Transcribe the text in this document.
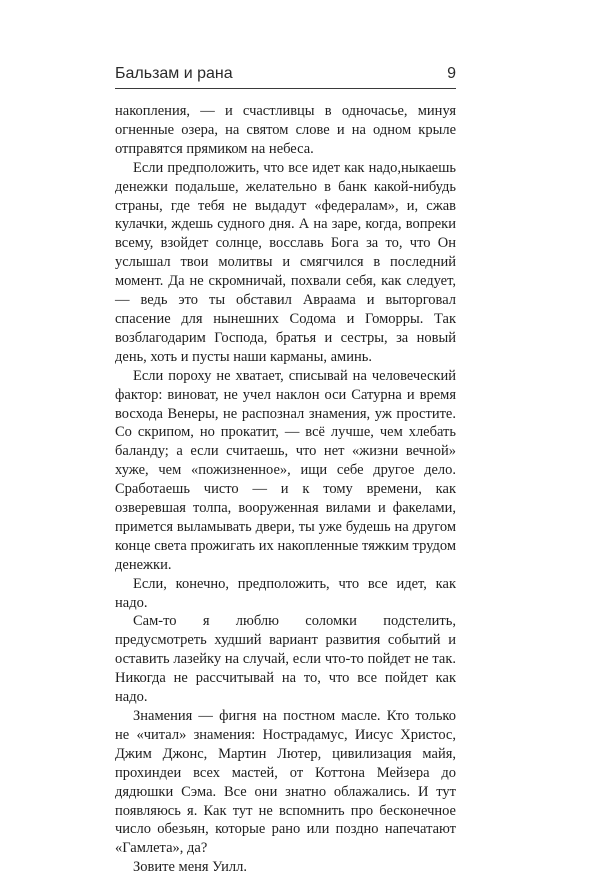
Бальзам и рана	9

накопления, — и счастливцы в одночасье, минуя огненные озера, на святом слове и на одном крыле отправятся прямиком на небеса.

Если предположить, что все идет как надо,ныкаешь денежки подальше, желательно в банк какой-нибудь страны, где тебя не выдадут «федералам», и, сжав кулачки, ждешь судного дня. А на заре, когда, вопреки всему, взойдет солнце, восславь Бога за то, что Он услышал твои молитвы и смягчился в последний момент. Да не скромничай, похвали себя, как следует, — ведь это ты обставил Авраама и выторговал спасение для нынешних Содома и Гоморры. Так возблагодарим Господа, братья и сестры, за новый день, хоть и пусты наши карманы, аминь.

Если пороху не хватает, списывай на человеческий фактор: виноват, не учел наклон оси Сатурна и время восхода Венеры, не распознал знамения, уж простите. Со скрипом, но прокатит, — всё лучше, чем хлебать баланду; а если считаешь, что нет «жизни вечной» хуже, чем «пожизненное», ищи себе другое дело. Сработаешь чисто — и к тому времени, как озверевшая толпа, вооруженная вилами и факелами, примется выламывать двери, ты уже будешь на другом конце света прожигать их накопленные тяжким трудом денежки.

Если, конечно, предположить, что все идет, как надо.

Сам-то я люблю соломки подстелить, предусмотреть худший вариант развития событий и оставить лазейку на случай, если что-то пойдет не так. Никогда не рассчитывай на то, что все пойдет как надо.

Знамения — фигня на постном масле. Кто только не «читал» знамения: Нострадамус, Иисус Христос, Джим Джонс, Мартин Лютер, цивилизация майя, прохиндеи всех мастей, от Коттона Мейзера до дядюшки Сэма. Все они знатно облажались. И тут появляюсь я. Как тут не вспомнить про бесконечное число обезьян, которые рано или поздно напечатают «Гамлета», да?

Зовите меня Уилл.
